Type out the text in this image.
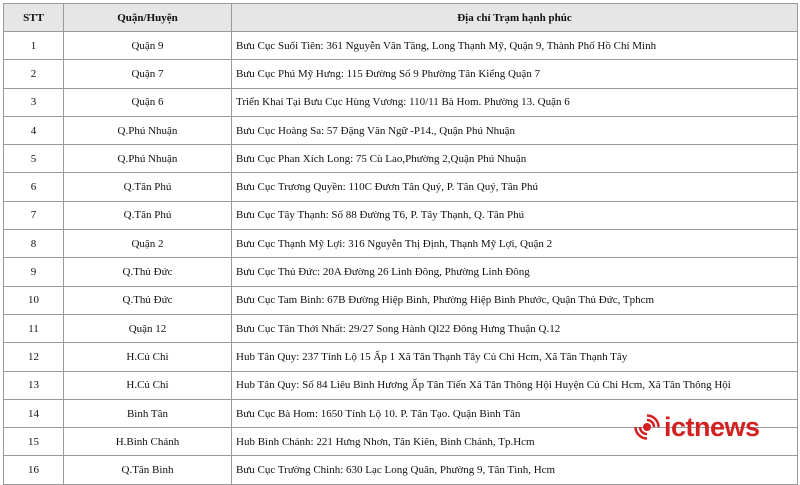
STT	Quận/Huyện	Địa chỉ Trạm hạnh phúc
1	Quận 9	Bưu Cục Suối Tiên: 361 Nguyễn Văn Tăng, Long Thạnh Mỹ, Quận 9, Thành Phố Hồ Chí Minh
2	Quận 7	Bưu Cục Phú Mỹ Hưng: 115 Đường Số 9 Phường Tân Kiểng Quận 7
3	Quận 6	Triển Khai Tại Bưu Cục Hùng Vương: 110/11 Bà Hom. Phường 13. Quận 6
4	Q.Phú Nhuận	Bưu Cục Hoàng Sa: 57 Đặng Văn Ngữ -P14., Quận Phú Nhuận
5	Q.Phú Nhuận	Bưu Cục Phan Xích Long: 75 Cù Lao,Phường 2,Quận Phú Nhuận
6	Q.Tân Phú	Bưu Cục Trương Quyền: 110C Đươn Tân Quý, P. Tân Quý, Tân Phú
7	Q.Tân Phú	Bưu Cục Tây Thạnh: Số 88 Đường T6, P. Tây Thạnh, Q. Tân Phú
8	Quận 2	Bưu Cục Thạnh Mỹ Lợi: 316 Nguyễn Thị Định, Thạnh Mỹ Lợi, Quận 2
9	Q.Thủ Đức	Bưu Cục Thủ Đức: 20A Đường 26 Linh Đông, Phường Linh Đông
10	Q.Thủ Đức	Bưu Cục Tam Bình: 67B Đường Hiệp Bình, Phường Hiệp Bình Phước, Quận Thủ Đức, Tphcm
11	Quận 12	Bưu Cục Tân Thới Nhất: 29/27 Song Hành Ql22 Đông Hưng Thuận Q.12
12	H.Củ Chi	Hub Tân Quy: 237 Tỉnh Lộ 15 Ấp 1 Xã Tân Thạnh Tây Củ Chi Hcm, Xã Tân Thạnh Tây
13	H.Củ Chi	Hub Tân Quy: Số 84 Liêu Bình Hương Ấp Tân Tiến Xã Tân Thông Hội Huyện Củ Chi Hcm, Xã Tân Thông Hội
14	Bình Tân	Bưu Cục Bà Hom: 1650 Tỉnh Lộ 10. P. Tân Tạo. Quận Bình Tân
15	H.Bình Chánh	Hub Bình Chánh: 221 Hưng Nhơn, Tân Kiên, Bình Chánh, Tp.Hcm
16	Q.Tân Bình	Bưu Cục Trường Chinh: 630 Lạc Long Quân, Phường 9, Tân Tình, Hcm
ictnews
